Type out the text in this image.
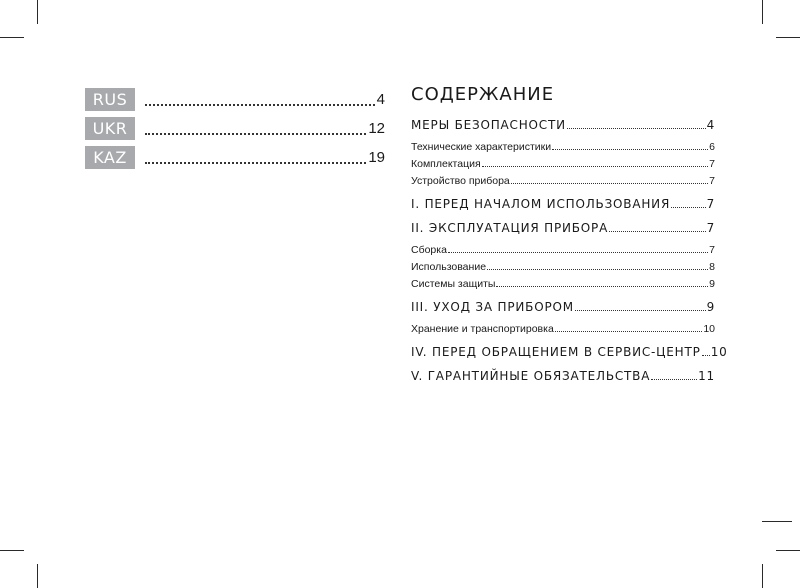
RUS	4
UKR	12
KAZ	19
СОДЕРЖАНИЕ
МЕРЫ БЕЗОПАСНОСТИ	4
Технические характеристики	6
Комплектация	7
Устройство прибора	7
I. ПЕРЕД НАЧАЛОМ ИСПОЛЬЗОВАНИЯ	7
II. ЭКСПЛУАТАЦИЯ ПРИБОРА	7
Сборка	7
Использование	8
Системы защиты	9
III. УХОД ЗА ПРИБОРОМ	9
Хранение и транспортировка	10
IV. ПЕРЕД ОБРАЩЕНИЕМ В СЕРВИС-ЦЕНТР 10
V. ГАРАНТИЙНЫЕ ОБЯЗАТЕЛЬСТВА	11
